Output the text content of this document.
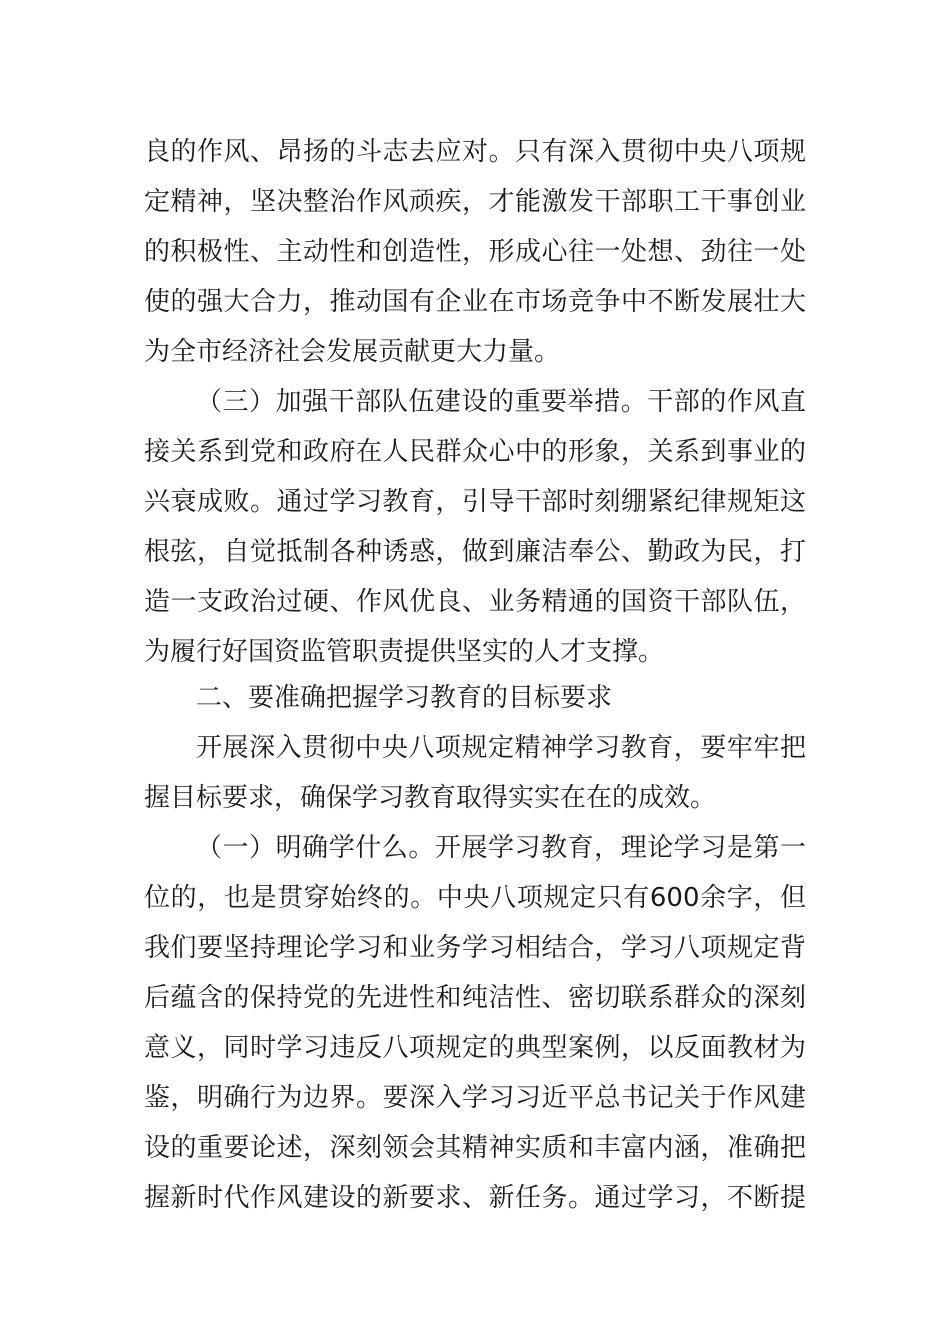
良的作风、昂扬的斗志去应对。只有深入贯彻中央八项规
定精神，坚决整治作风顽疾，才能激发干部职工干事创业
的积极性、主动性和创造性，形成心往一处想、劲往一处
使的强大合力，推动国有企业在市场竞争中不断发展壮大
为全市经济社会发展贡献更大力量。
（三）加强干部队伍建设的重要举措。干部的作风直
接关系到党和政府在人民群众心中的形象，关系到事业的
兴衰成败。通过学习教育，引导干部时刻绷紧纪律规矩这
根弦，自觉抵制各种诱惑，做到廉洁奉公、勤政为民，打
造一支政治过硬、作风优良、业务精通的国资干部队伍，
为履行好国资监管职责提供坚实的人才支撑。
二、要准确把握学习教育的目标要求
开展深入贯彻中央八项规定精神学习教育，要牢牢把
握目标要求，确保学习教育取得实实在在的成效。
（一）明确学什么。开展学习教育，理论学习是第一
位的，也是贯穿始终的。中央八项规定只有600余字，但
我们要坚持理论学习和业务学习相结合，学习八项规定背
后蕴含的保持党的先进性和纯洁性、密切联系群众的深刻
意义，同时学习违反八项规定的典型案例，以反面教材为
鉴，明确行为边界。要深入学习习近平总书记关于作风建
设的重要论述，深刻领会其精神实质和丰富内涵，准确把
握新时代作风建设的新要求、新任务。通过学习，不断提
